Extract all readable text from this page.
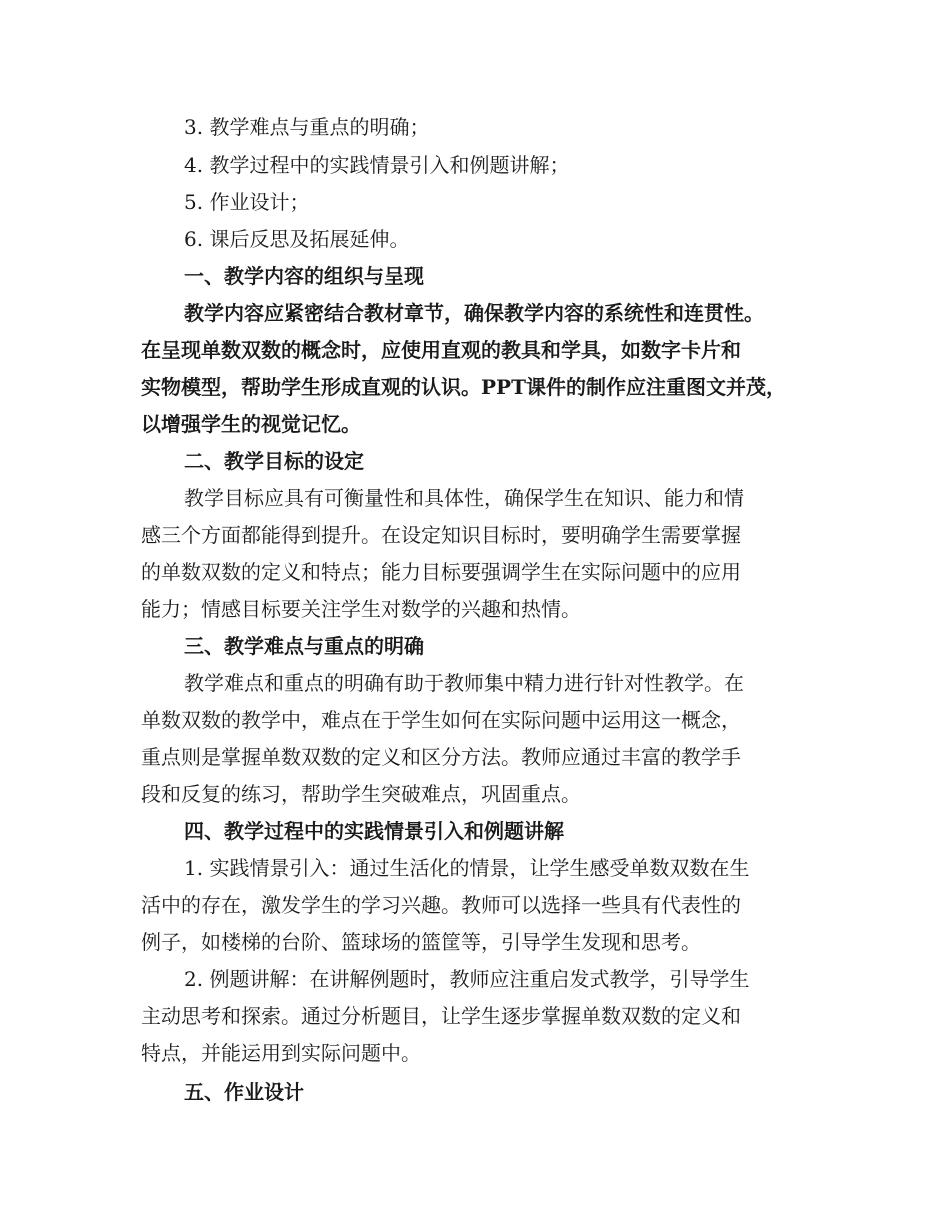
3. 教学难点与重点的明确；
4. 教学过程中的实践情景引入和例题讲解；
5. 作业设计；
6. 课后反思及拓展延伸。
一、教学内容的组织与呈现
教学内容应紧密结合教材章节，确保教学内容的系统性和连贯性。
在呈现单数双数的概念时，应使用直观的教具和学具，如数字卡片和
实物模型，帮助学生形成直观的认识。PPT课件的制作应注重图文并茂，
以增强学生的视觉记忆。
二、教学目标的设定
教学目标应具有可衡量性和具体性，确保学生在知识、能力和情
感三个方面都能得到提升。在设定知识目标时，要明确学生需要掌握
的单数双数的定义和特点；能力目标要强调学生在实际问题中的应用
能力；情感目标要关注学生对数学的兴趣和热情。
三、教学难点与重点的明确
教学难点和重点的明确有助于教师集中精力进行针对性教学。在
单数双数的教学中，难点在于学生如何在实际问题中运用这一概念，
重点则是掌握单数双数的定义和区分方法。教师应通过丰富的教学手
段和反复的练习，帮助学生突破难点，巩固重点。
四、教学过程中的实践情景引入和例题讲解
1. 实践情景引入：通过生活化的情景，让学生感受单数双数在生
活中的存在，激发学生的学习兴趣。教师可以选择一些具有代表性的
例子，如楼梯的台阶、篮球场的篮筐等，引导学生发现和思考。
2. 例题讲解：在讲解例题时，教师应注重启发式教学，引导学生
主动思考和探索。通过分析题目，让学生逐步掌握单数双数的定义和
特点，并能运用到实际问题中。
五、作业设计
